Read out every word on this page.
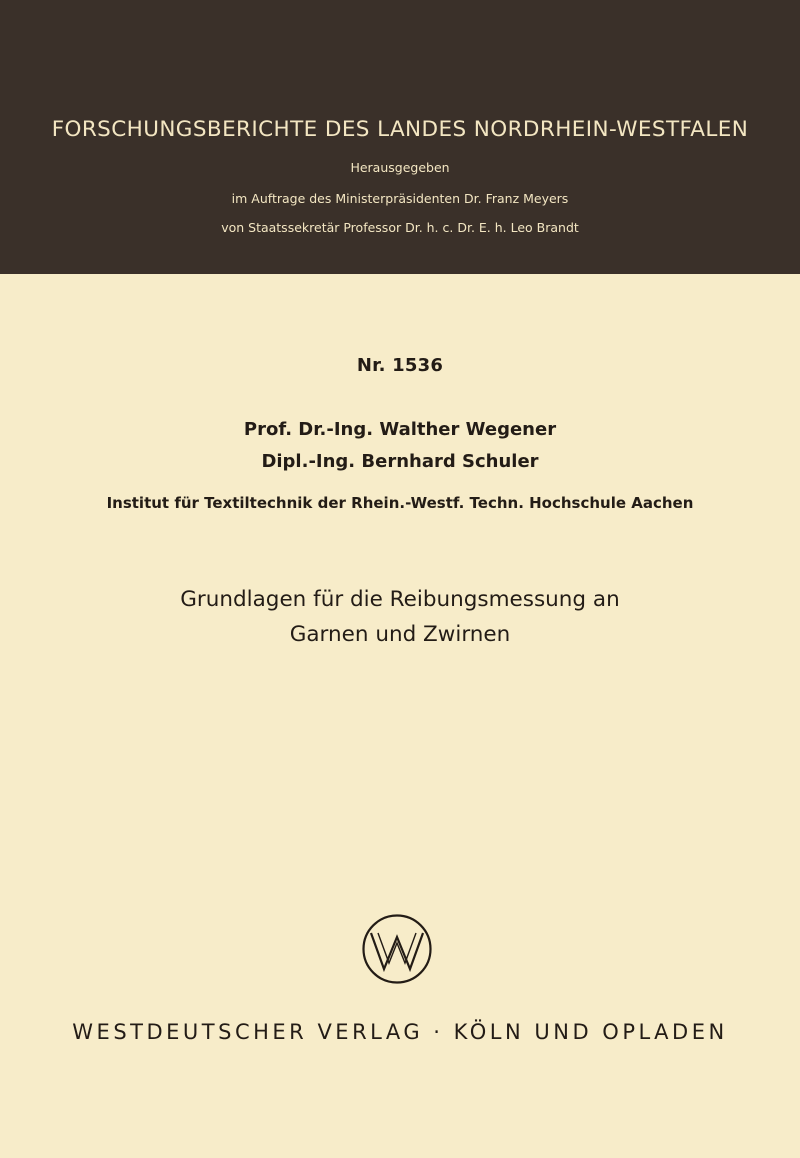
FORSCHUNGSBERICHTE DES LANDES NORDRHEIN-WESTFALEN
Herausgegeben
im Auftrage des Ministerpräsidenten Dr. Franz Meyers
von Staatssekretär Professor Dr. h. c. Dr. E. h. Leo Brandt
Nr. 1536
Prof. Dr.-Ing. Walther Wegener
Dipl.-Ing. Bernhard Schuler
Institut für Textiltechnik der Rhein.-Westf. Techn. Hochschule Aachen
Grundlagen für die Reibungsmessung an
Garnen und Zwirnen
WESTDEUTSCHER VERLAG · KÖLN UND OPLADEN
